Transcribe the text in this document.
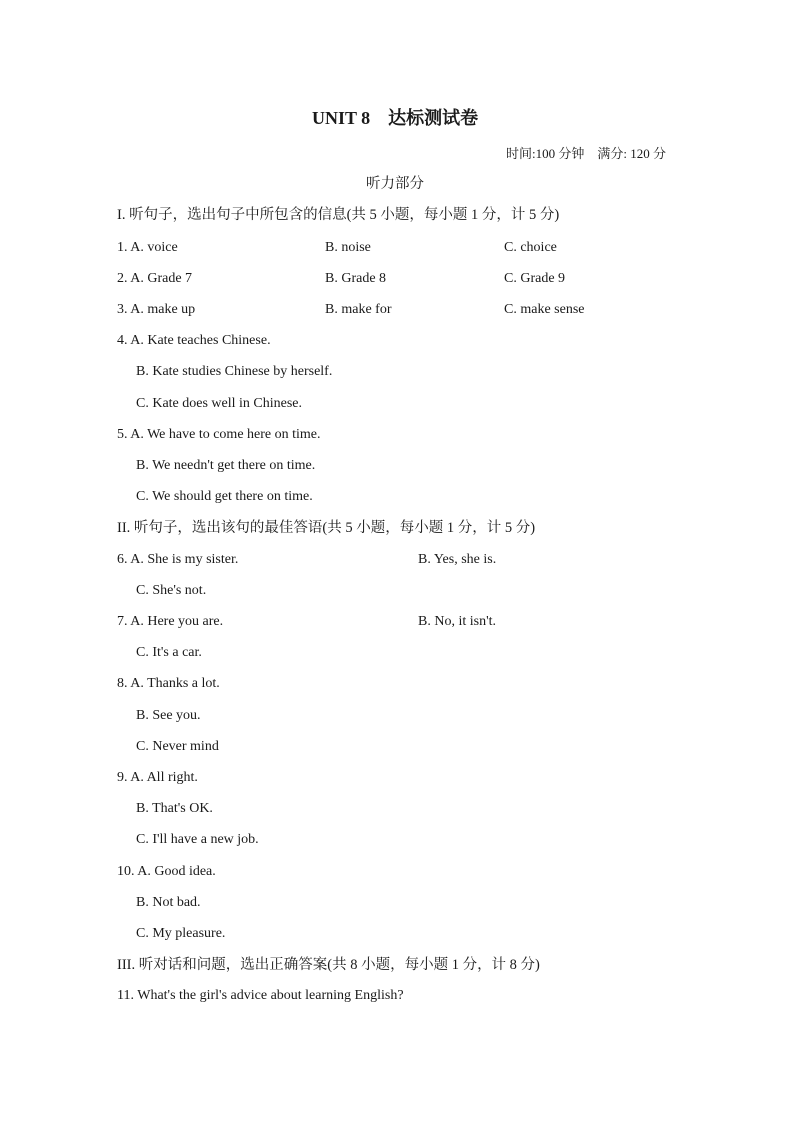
UNIT 8　达标测试卷
时间:100 分钟　满分: 120 分
听力部分
I. 听句子，选出句子中所包含的信息(共 5 小题，每小题 1 分，计 5 分)
1. A. voice	B. noise	C. choice
2. A. Grade 7	B. Grade 8	C. Grade 9
3. A. make up	B. make for	C. make sense
4. A. Kate teaches Chinese.
B. Kate studies Chinese by herself.
C. Kate does well in Chinese.
5. A. We have to come here on time.
B. We needn't get there on time.
C. We should get there on time.
II. 听句子，选出该句的最佳答语(共 5 小题，每小题 1 分，计 5 分)
6. A. She is my sister.	B. Yes, she is.
C. She's not.
7. A. Here you are.	B. No, it isn't.
C. It's a car.
8. A. Thanks a lot.
B. See you.
C. Never mind
9. A. All right.
B. That's OK.
C. I'll have a new job.
10. A. Good idea.
B. Not bad.
C. My pleasure.
III. 听对话和问题，选出正确答案(共 8 小题，每小题 1 分，计 8 分)
11. What's the girl's advice about learning English?
